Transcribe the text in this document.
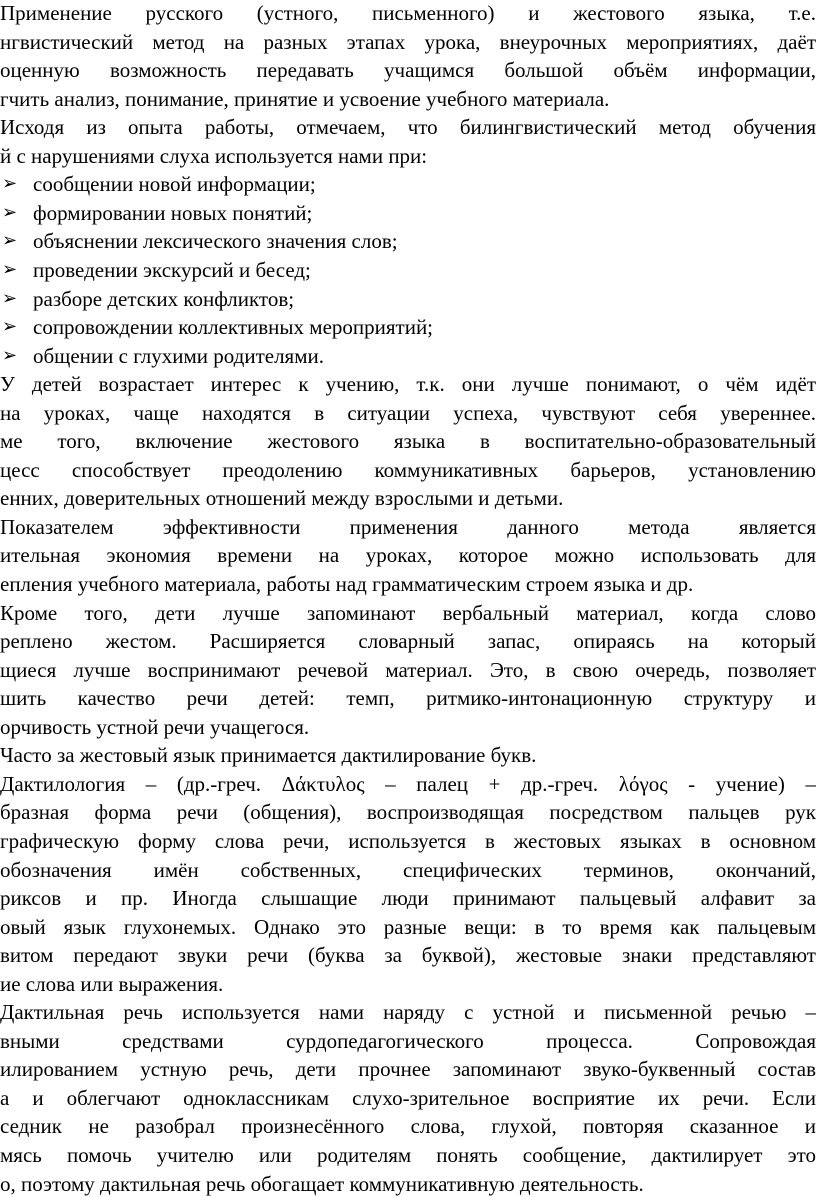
Применение русского (устного, письменного) и жестового языка, т.е.
нгвистический метод на разных этапах урока, внеурочных мероприятиях, даёт
оценную возможность передавать учащимся большой объём информации,
гчить анализ, понимание, принятие и усвоение учебного материала.
Исходя из опыта работы, отмечаем, что билингвистический метод обучения
й с нарушениями слуха используется нами при:
➢ сообщении новой информации;
➢ формировании новых понятий;
➢ объяснении лексического значения слов;
➢ проведении экскурсий и бесед;
➢ разборе детских конфликтов;
➢ сопровождении коллективных мероприятий;
➢ общении с глухими родителями.
У детей возрастает интерес к учению, т.к. они лучше понимают, о чём идёт
на уроках, чаще находятся в ситуации успеха, чувствуют себя увереннее.
ме того, включение жестового языка в воспитательно-образовательный
цесс способствует преодолению коммуникативных барьеров, установлению
енних, доверительных отношений между взрослыми и детьми.
Показателем эффективности применения данного метода является
ительная экономия времени на уроках, которое можно использовать для
епления учебного материала, работы над грамматическим строем языка и др.
Кроме того, дети лучше запоминают вербальный материал, когда слово
реплено жестом. Расширяется словарный запас, опираясь на который
щиеся лучше воспринимают речевой материал. Это, в свою очередь, позволяет
шить качество речи детей: темп, ритмико-интонационную структуру и
орчивость устной речи учащегося.
Часто за жестовый язык принимается дактилирование букв.
Дактилология – (др.-греч. Δάκτυλος – палец + др.-греч. λόγος - учение) –
бразная форма речи (общения), воспроизводящая посредством пальцев рук
графическую форму слова речи, используется в жестовых языках в основном
обозначения имён собственных, специфических терминов, окончаний,
риксов и пр. Иногда слышащие люди принимают пальцевый алфавит за
овый язык глухонемых. Однако это разные вещи: в то время как пальцевым
витом передают звуки речи (буква за буквой), жестовые знаки представляют
ие слова или выражения.
Дактильная речь используется нами наряду с устной и письменной речью –
вными средствами сурдопедагогического процесса. Сопровождая
илированием устную речь, дети прочнее запоминают звуко-буквенный состав
а и облегчают одноклассникам слухо-зрительное восприятие их речи. Если
седник не разобрал произнесённого слова, глухой, повторяя сказанное и
мясь помочь учителю или родителям понять сообщение, дактилирует это
о, поэтому дактильная речь обогащает коммуникативную деятельность.
